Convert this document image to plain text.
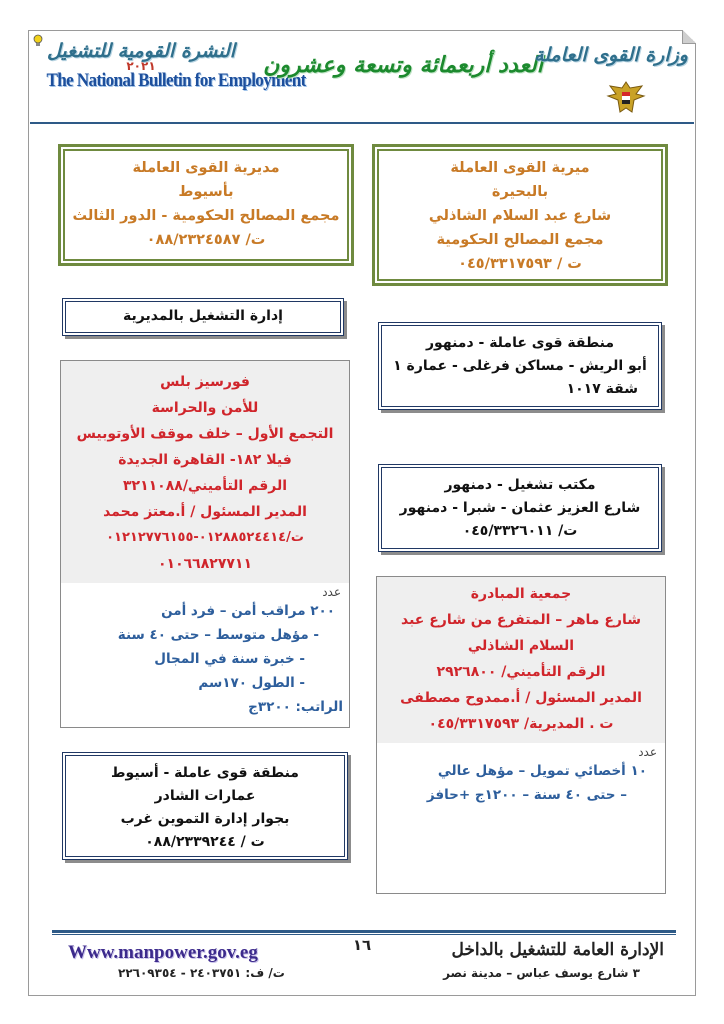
النشرة القومية للتشغيل
٢٠٢١
The National Bulletin for Employment
العدد أربعمائة وتسعة وعشرون
وزارة القوى العاملة
ميرية القوى العاملة
بالبحيرة
شارع عبد السلام الشاذلي
مجمع المصالح الحكومية
ت / ٠٤٥/٣٣١٧٥٩٣
مديرية القوى العاملة
بأسيوط
مجمع المصالح الحكومية - الدور الثالث
ت/ ٠٨٨/٢٣٢٤٥٨٧
إدارة التشغيل بالمديرية
منطقة قوى عاملة - دمنهور
أبو الريش - مساكن فرغلى - عمارة ١
شقة ١٠١٧
فورسيز بلس
للأمن والحراسة
التجمع الأول – خلف موقف الأوتوبيس
فيلا ١٨٢- القاهرة الجديدة
الرقم التأميني/٣٢١١٠٨٨
المدير المسئول / أ.معتز محمد
ت/٠١٢٨٨٥٢٤٤١٤-٠١٢١٢٧٧٦١٥٥
٠١٠٦٦٨٢٧٧١١
عدد
٢٠٠ مراقب أمن – فرد أمن
- مؤهل متوسط – حتى ٤٠ سنة
- خبرة سنة في المجال
- الطول ١٧٠سم
الراتب: ٣٢٠٠ج
مكتب تشغيل - دمنهور
شارع العزيز عثمان - شبرا - دمنهور
ت/ ٠٤٥/٣٣٢٦٠١١
جمعية المبادرة
شارع ماهر – المتفرع من شارع عبد
السلام الشاذلي
الرقم التأميني/ ٢٩٢٦٨٠٠
المدير المسئول / أ.ممدوح مصطفى
ت . المديرية/ ٠٤٥/٣٣١٧٥٩٣
عدد
١٠ أخصائي تمويل – مؤهل عالي
– حتى ٤٠ سنة – ١٢٠٠ج +حافز
منطقة قوى عاملة - أسيوط
عمارات الشادر
بجوار إدارة التموين غرب
ت / ٠٨٨/٢٣٣٩٢٤٤
١٦
Www.manpower.gov.eg
ت/ ف: ٢٤٠٣٧٥١ - ٢٢٦٠٩٣٥٤
الإدارة العامة للتشغيل بالداخل
٣ شارع يوسف عباس – مدينة نصر
